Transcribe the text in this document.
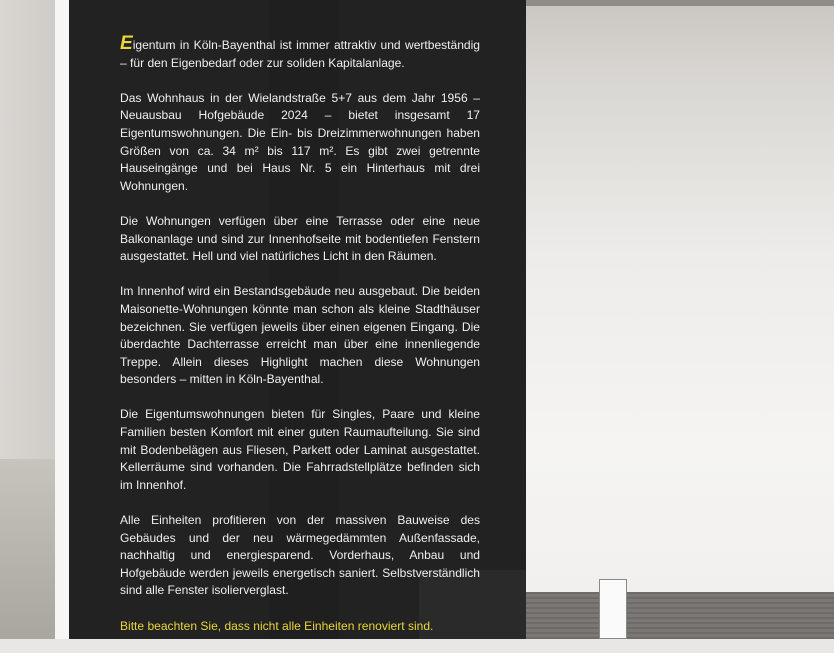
Eigentum in Köln-Bayenthal ist immer attraktiv und wertbeständig – für den Eigenbedarf oder zur soliden Kapitalanlage.

Das Wohnhaus in der Wielandstraße 5+7 aus dem Jahr 1956 – Neuausbau Hofgebäude 2024 – bietet insgesamt 17 Eigentumswohnungen. Die Ein- bis Dreizimmerwohnungen haben Größen von ca. 34 m² bis 117 m². Es gibt zwei getrennte Hauseingänge und bei Haus Nr. 5 ein Hinterhaus mit drei Wohnungen.

Die Wohnungen verfügen über eine Terrasse oder eine neue Balkonanlage und sind zur Innenhofseite mit bodentiefen Fenstern ausgestattet. Hell und viel natürliches Licht in den Räumen.

Im Innenhof wird ein Bestandsgebäude neu ausgebaut. Die beiden Maisonette-Wohnungen könnte man schon als kleine Stadthäuser bezeichnen. Sie verfügen jeweils über einen eigenen Eingang. Die überdachte Dachterrasse erreicht man über eine innenliegende Treppe. Allein dieses Highlight machen diese Wohnungen besonders – mitten in Köln-Bayenthal.

Die Eigentumswohnungen bieten für Singles, Paare und kleine Familien besten Komfort mit einer guten Raumaufteilung. Sie sind mit Bodenbelägen aus Fliesen, Parkett oder Laminat ausgestattet. Kellerräume sind vorhanden. Die Fahrradstellplätze befinden sich im Innenhof.

Alle Einheiten profitieren von der massiven Bauweise des Gebäudes und der neu wärmegedämmten Außenfassade, nachhaltig und energiesparend. Vorderhaus, Anbau und Hofgebäude werden jeweils energetisch saniert. Selbstverständlich sind alle Fenster isolierverglast.

Bitte beachten Sie, dass nicht alle Einheiten renoviert sind.
